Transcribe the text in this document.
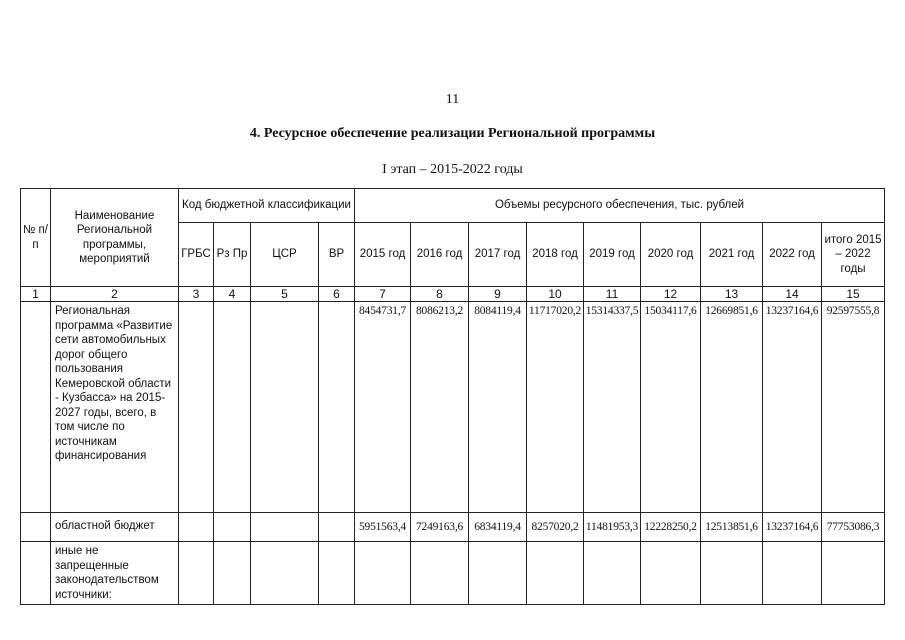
11
4. Ресурсное обеспечение реализации Региональной программы
I этап – 2015-2022 годы
№ п/п	Наименование Региональной программы, мероприятий	Код бюджетной классификации				Объемы ресурсного обеспечения, тыс. рублей								
		ГРБС	Рз Пр	ЦСР	ВР	2015 год	2016 год	2017 год	2018 год	2019 год	2020 год	2021 год	2022 год	итого 2015 – 2022 годы
1	2	3	4	5	6	7	8	9	10	11	12	13	14	15
	Региональная программа «Развитие сети автомобильных дорог общего пользования Кемеровской области - Кузбасса» на 2015-2027 годы, всего, в том числе по источникам финансирования					8454731,7	8086213,2	8084119,4	11717020,2	15314337,5	15034117,6	12669851,6	13237164,6	92597555,8
	областной бюджет					5951563,4	7249163,6	6834119,4	8257020,2	11481953,3	12228250,2	12513851,6	13237164,6	77753086,3
	иные не запрещенные законодательством источники:													
